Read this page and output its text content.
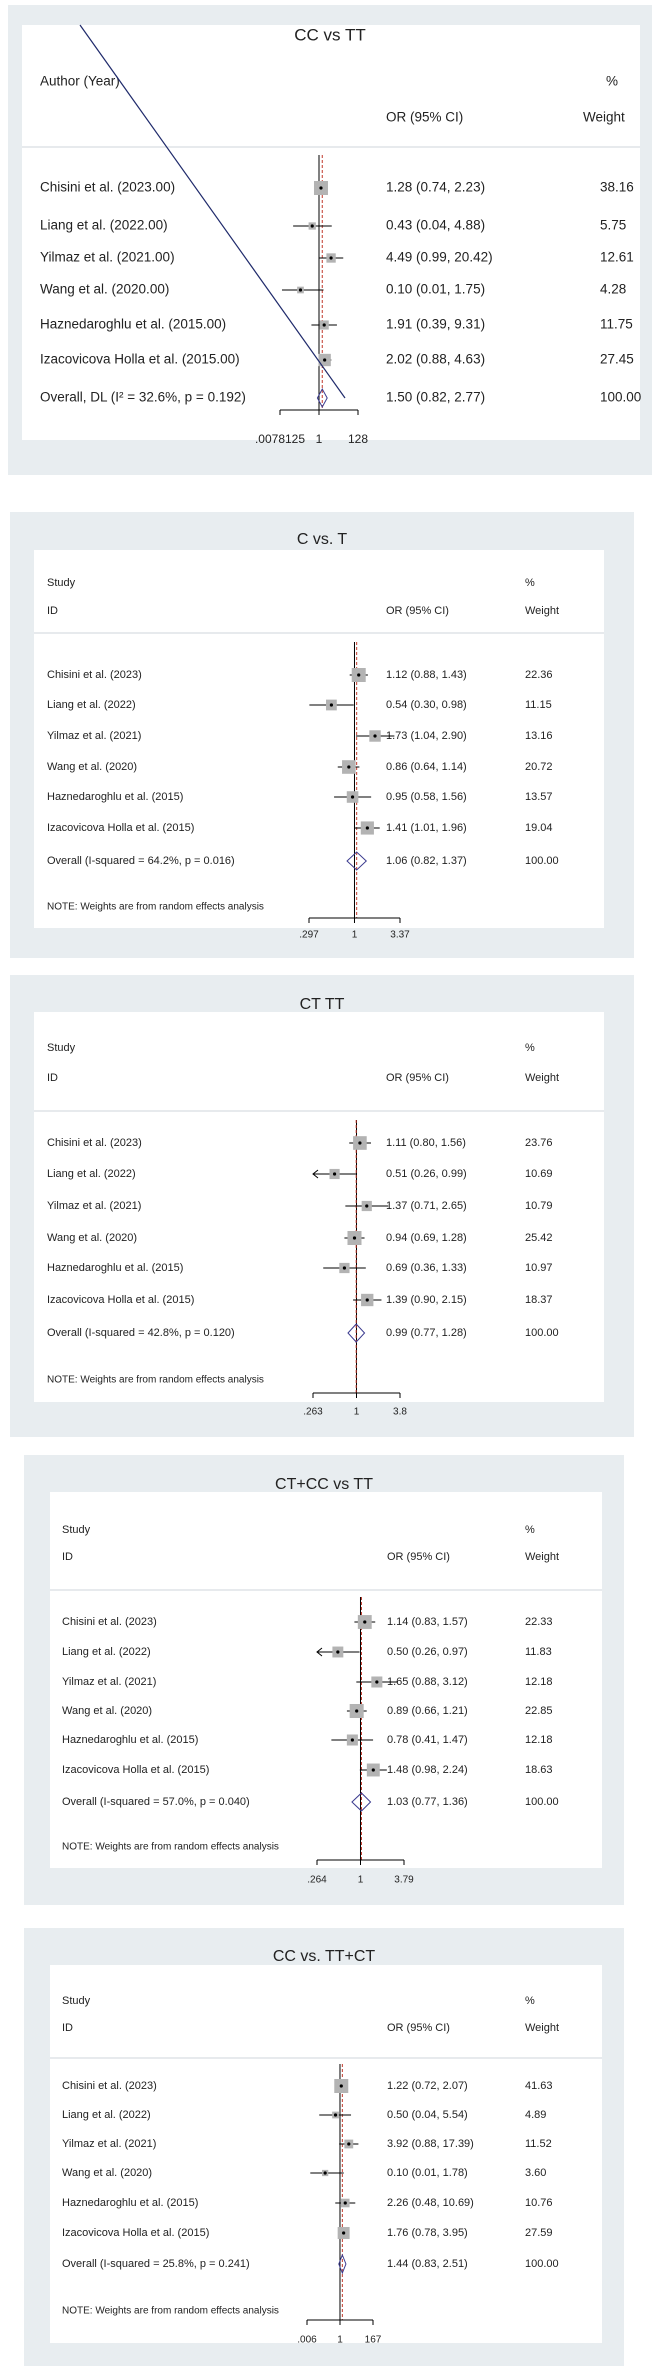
CC vs TT
Author (Year)
OR (95% CI)
%
Weight
Chisini et al. (2023.00)	1.28 (0.74, 2.23)	38.16
Liang et al. (2022.00)	0.43 (0.04, 4.88)	5.75
Yilmaz et al. (2021.00)	4.49 (0.99, 20.42)	12.61
Wang et al. (2020.00)	0.10 (0.01, 1.75)	4.28
Haznedaroghlu et al. (2015.00)	1.91 (0.39, 9.31)	11.75
Izacovicova Holla et al. (2015.00)	2.02 (0.88, 4.63)	27.45
Overall, DL (I² = 32.6%, p = 0.192)	1.50 (0.82, 2.77)	100.00
.0078125 1 128
C vs. T
Study
ID	OR (95% CI)
%
Weight
Chisini et al. (2023)	1.12 (0.88, 1.43)	22.36
Liang et al. (2022)	0.54 (0.30, 0.98)	11.15
Yilmaz et al. (2021)	1.73 (1.04, 2.90)	13.16
Wang et al. (2020)	0.86 (0.64, 1.14)	20.72
Haznedaroghlu et al. (2015)	0.95 (0.58, 1.56)	13.57
Izacovicova Holla et al. (2015)	1.41 (1.01, 1.96)	19.04
Overall (I-squared = 64.2%, p = 0.016)	1.06 (0.82, 1.37)	100.00
NOTE: Weights are from random effects analysis
.297	1	3.37
CT TT
Study
ID	OR (95% CI)
%
Weight
Chisini et al. (2023)	1.11 (0.80, 1.56)	23.76
Liang et al. (2022)	0.51 (0.26, 0.99)	10.69
Yilmaz et al. (2021)	1.37 (0.71, 2.65)	10.79
Wang et al. (2020)	0.94 (0.69, 1.28)	25.42
Haznedaroghlu et al. (2015)	0.69 (0.36, 1.33)	10.97
Izacovicova Holla et al. (2015)	1.39 (0.90, 2.15)	18.37
Overall (I-squared = 42.8%, p = 0.120)	0.99 (0.77, 1.28)	100.00
NOTE: Weights are from random effects analysis
.263	1	3.8
CT+CC vs TT
Study
ID	OR (95% CI)
%
Weight
Chisini et al. (2023)	1.14 (0.83, 1.57)	22.33
Liang et al. (2022)	0.50 (0.26, 0.97)	11.83
Yilmaz et al. (2021)	1.65 (0.88, 3.12)	12.18
Wang et al. (2020)	0.89 (0.66, 1.21)	22.85
Haznedaroghlu et al. (2015)	0.78 (0.41, 1.47)	12.18
Izacovicova Holla et al. (2015)	1.48 (0.98, 2.24)	18.63
Overall (I-squared = 57.0%, p = 0.040)	1.03 (0.77, 1.36)	100.00
NOTE: Weights are from random effects analysis
.264	1	3.79
CC vs. TT+CT
Study
ID	OR (95% CI)
%
Weight
Chisini et al. (2023)	1.22 (0.72, 2.07)	41.63
Liang et al. (2022)	0.50 (0.04, 5.54)	4.89
Yilmaz et al. (2021)	3.92 (0.88, 17.39)	11.52
Wang et al. (2020)	0.10 (0.01, 1.78)	3.60
Haznedaroghlu et al. (2015)	2.26 (0.48, 10.69)	10.76
Izacovicova Holla et al. (2015)	1.76 (0.78, 3.95)	27.59
Overall (I-squared = 25.8%, p = 0.241)	1.44 (0.83, 2.51)	100.00
NOTE: Weights are from random effects analysis
.006 1 167
